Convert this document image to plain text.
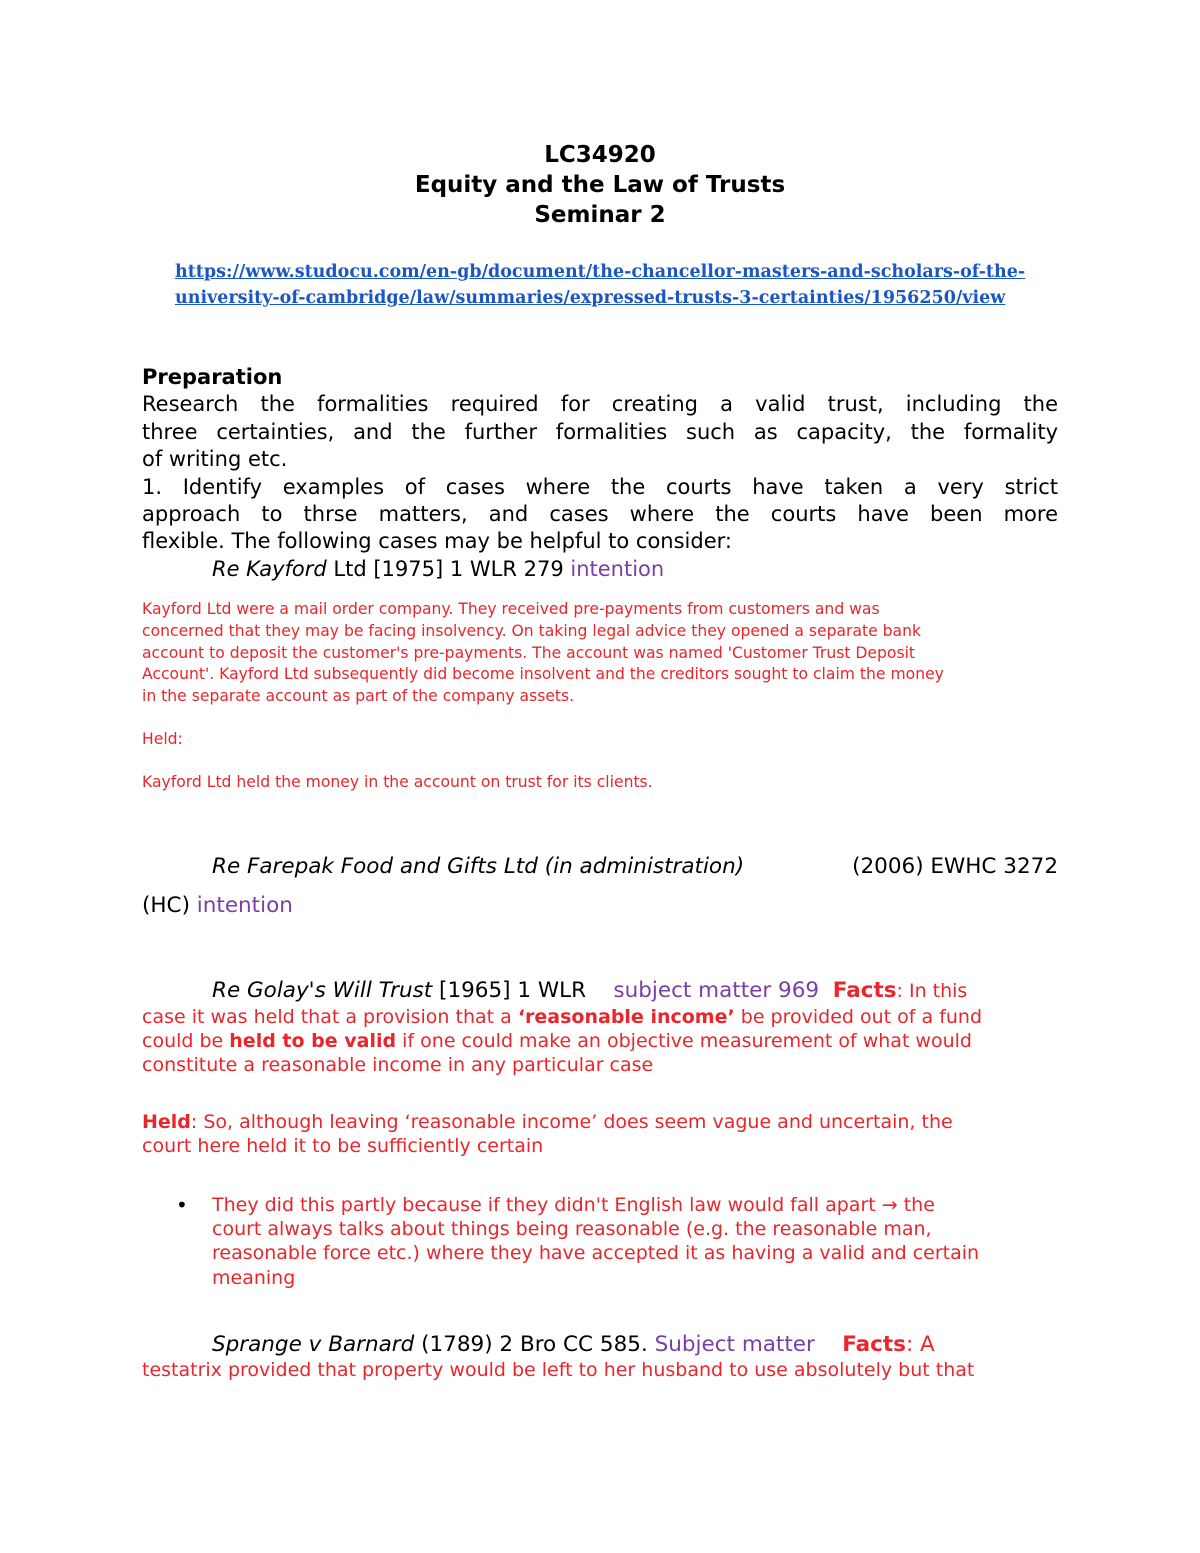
LC34920
Equity and the Law of Trusts
Seminar 2
https://www.studocu.com/en-gb/document/the-chancellor-masters-and-scholars-of-the-
university-of-cambridge/law/summaries/expressed-trusts-3-certainties/1956250/view
Preparation
Research the formalities required for creating a valid trust, including the
three certainties, and the further formalities such as capacity, the formality
of writing etc.
1. Identify examples of cases where the courts have taken a very strict
approach to thrse matters, and cases where the courts have been more
flexible. The following cases may be helpful to consider:
Re Kayford Ltd [1975] 1 WLR 279 intention
Kayford Ltd were a mail order company. They received pre-payments from customers and was
concerned that they may be facing insolvency. On taking legal advice they opened a separate bank
account to deposit the customer's pre-payments. The account was named 'Customer Trust Deposit
Account'. Kayford Ltd subsequently did become insolvent and the creditors sought to claim the money
in the separate account as part of the company assets.
Held:
Kayford Ltd held the money in the account on trust for its clients.
Re Farepak Food and Gifts Ltd (in administration)	(2006) EWHC 3272
(HC) intention
Re Golay's Will Trust [1965] 1 WLR    subject matter 969 Facts: In this
case it was held that a provision that a ‘reasonable income’ be provided out of a fund
could be held to be valid if one could make an objective measurement of what would
constitute a reasonable income in any particular case
Held: So, although leaving ‘reasonable income’ does seem vague and uncertain, the
court here held it to be sufficiently certain
• They did this partly because if they didn't English law would fall apart → the
court always talks about things being reasonable (e.g. the reasonable man,
reasonable force etc.) where they have accepted it as having a valid and certain
meaning
Sprange v Barnard (1789) 2 Bro CC 585. Subject matter Facts: A
testatrix provided that property would be left to her husband to use absolutely but that
